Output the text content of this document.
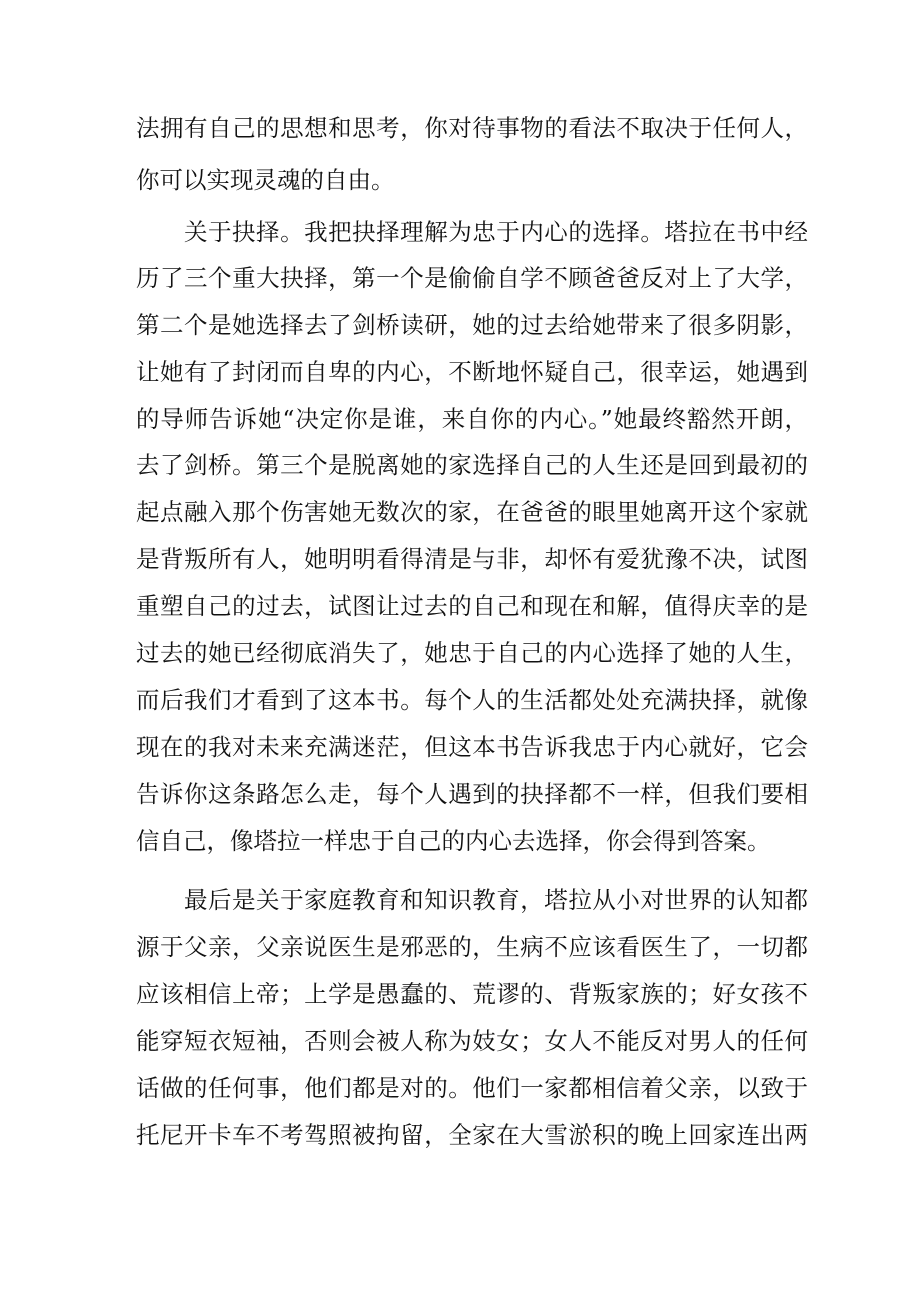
法拥有自己的思想和思考，你对待事物的看法不取决于任何人，
你可以实现灵魂的自由。
关于抉择。我把抉择理解为忠于内心的选择。塔拉在书中经
历了三个重大抉择，第一个是偷偷自学不顾爸爸反对上了大学，
第二个是她选择去了剑桥读研，她的过去给她带来了很多阴影，
让她有了封闭而自卑的内心，不断地怀疑自己，很幸运，她遇到
的导师告诉她“决定你是谁，来自你的内心。”她最终豁然开朗，
去了剑桥。第三个是脱离她的家选择自己的人生还是回到最初的
起点融入那个伤害她无数次的家，在爸爸的眼里她离开这个家就
是背叛所有人，她明明看得清是与非，却怀有爱犹豫不决，试图
重塑自己的过去，试图让过去的自己和现在和解，值得庆幸的是
过去的她已经彻底消失了，她忠于自己的内心选择了她的人生，
而后我们才看到了这本书。每个人的生活都处处充满抉择，就像
现在的我对未来充满迷茫，但这本书告诉我忠于内心就好，它会
告诉你这条路怎么走，每个人遇到的抉择都不一样，但我们要相
信自己，像塔拉一样忠于自己的内心去选择，你会得到答案。
最后是关于家庭教育和知识教育，塔拉从小对世界的认知都
源于父亲，父亲说医生是邪恶的，生病不应该看医生了，一切都
应该相信上帝；上学是愚蠢的、荒谬的、背叛家族的；好女孩不
能穿短衣短袖，否则会被人称为妓女；女人不能反对男人的任何
话做的任何事，他们都是对的。他们一家都相信着父亲，以致于
托尼开卡车不考驾照被拘留，全家在大雪淤积的晚上回家连出两
